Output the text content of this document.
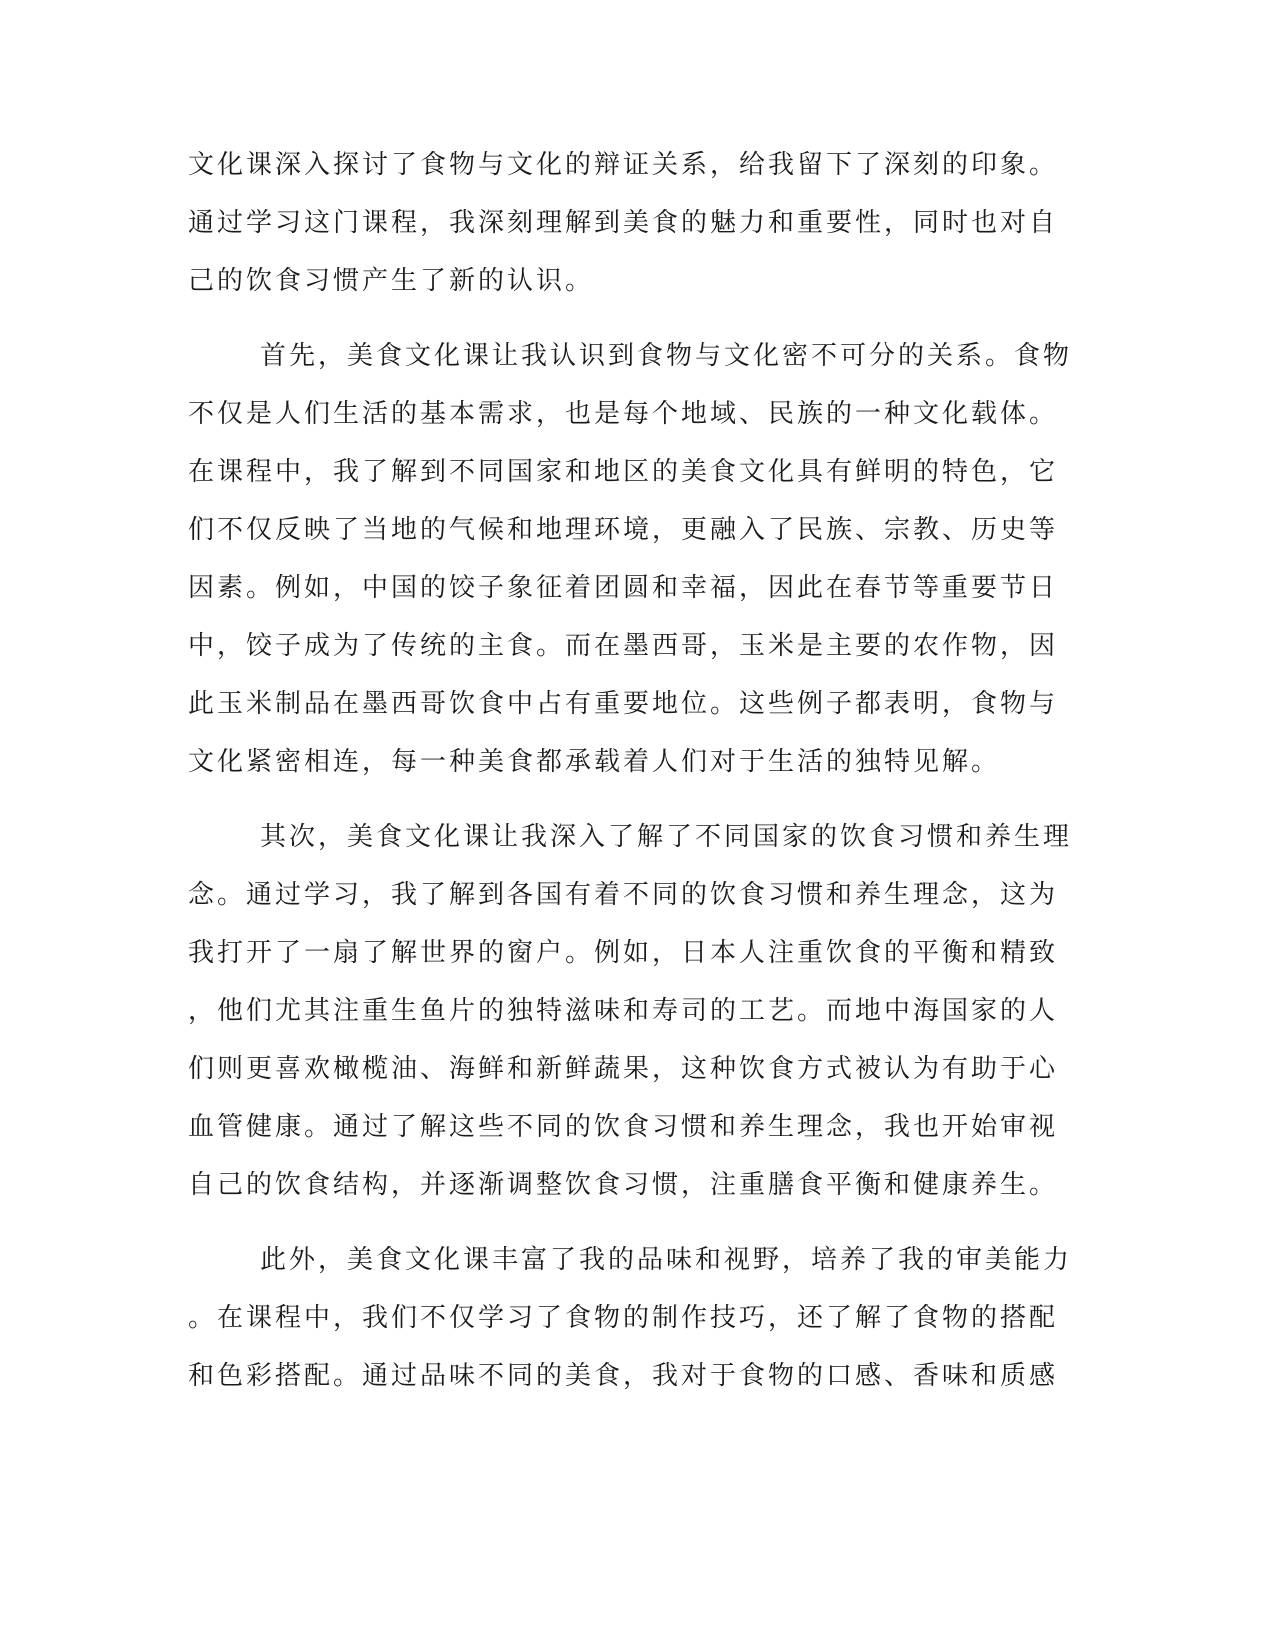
文化课深入探讨了食物与文化的辩证关系，给我留下了深刻的印象。
通过学习这门课程，我深刻理解到美食的魅力和重要性，同时也对自
己的饮食习惯产生了新的认识。
首先，美食文化课让我认识到食物与文化密不可分的关系。食物
不仅是人们生活的基本需求，也是每个地域、民族的一种文化载体。
在课程中，我了解到不同国家和地区的美食文化具有鲜明的特色，它
们不仅反映了当地的气候和地理环境，更融入了民族、宗教、历史等
因素。例如，中国的饺子象征着团圆和幸福，因此在春节等重要节日
中，饺子成为了传统的主食。而在墨西哥，玉米是主要的农作物，因
此玉米制品在墨西哥饮食中占有重要地位。这些例子都表明，食物与
文化紧密相连，每一种美食都承载着人们对于生活的独特见解。
其次，美食文化课让我深入了解了不同国家的饮食习惯和养生理
念。通过学习，我了解到各国有着不同的饮食习惯和养生理念，这为
我打开了一扇了解世界的窗户。例如，日本人注重饮食的平衡和精致
，他们尤其注重生鱼片的独特滋味和寿司的工艺。而地中海国家的人
们则更喜欢橄榄油、海鲜和新鲜蔬果，这种饮食方式被认为有助于心
血管健康。通过了解这些不同的饮食习惯和养生理念，我也开始审视
自己的饮食结构，并逐渐调整饮食习惯，注重膳食平衡和健康养生。
此外，美食文化课丰富了我的品味和视野，培养了我的审美能力
。在课程中，我们不仅学习了食物的制作技巧，还了解了食物的搭配
和色彩搭配。通过品味不同的美食，我对于食物的口感、香味和质感
